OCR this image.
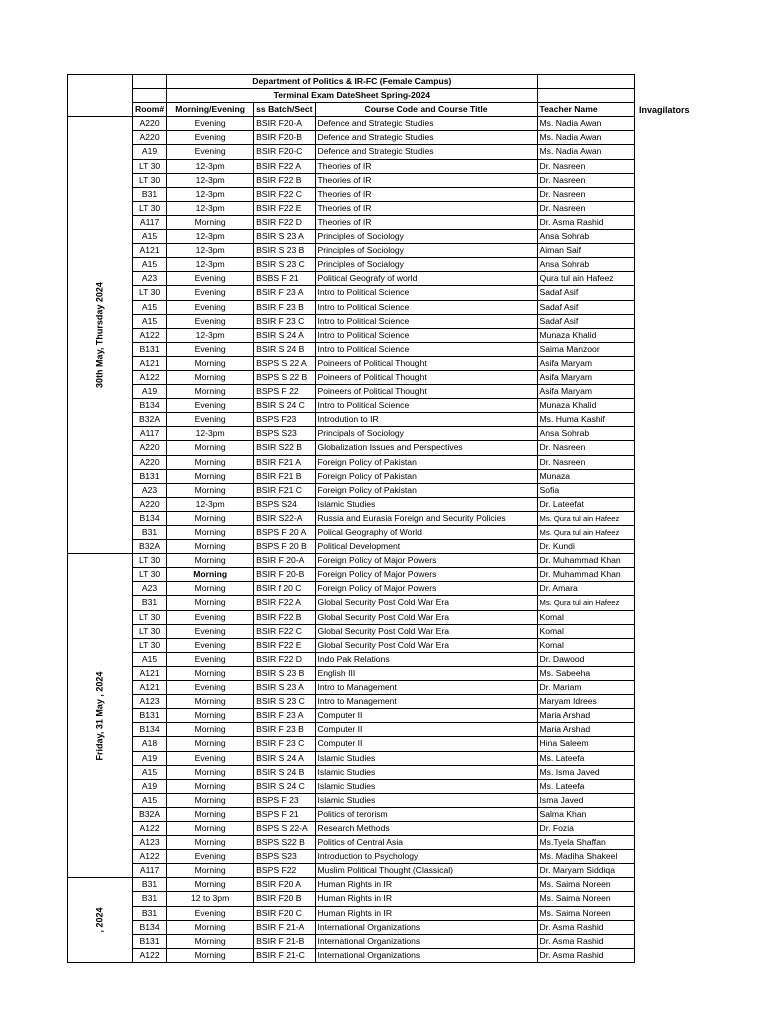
Invagilators
		Department of Politics & IR-FC (Female Campus)			
		Terminal Exam DateSheet Spring-2024			
	Room#	Morning/Evening	ss Batch/Sect	Course Code and Course Title	Teacher Name

30th May, Thursday 2024	A220	Evening	BSIR F20-A	Defence and Strategic Studies	Ms. Nadia Awan
	A220	Evening	BSIR F20-B	Defence and Strategic Studies	Ms. Nadia Awan
	A19	Evening	BSIR F20-C	Defence and Strategic Studies	Ms. Nadia Awan
	LT 30	12-3pm	BSIR F22 A	Theories of IR	Dr. Nasreen
	LT 30	12-3pm	BSIR F22 B	Theories of IR	Dr. Nasreen
	B31	12-3pm	BSIR F22 C	Theories of IR	Dr. Nasreen
	LT 30	12-3pm	BSIR F22 E	Theories of IR	Dr. Nasreen
	A117	Morning	BSIR F22 D	Theories of IR	Dr. Asma Rashid
	A15	12-3pm	BSIR S 23 A	Principles of Sociology	Ansa Sohrab
	A121	12-3pm	BSIR S 23 B	Principles of Sociology	Aiman Saif
	A15	12-3pm	BSIR S 23 C	Principles of Socialogy	Ansa Sohrab
	A23	Evening	BSBS F 21	Political Geografy of world	Qura tul ain Hafeez
	LT 30	Evening	BSIR F 23 A	Intro to Political Science	Sadaf Asif
	A15	Evening	BSIR F 23 B	Intro to Political Science	Sadaf Asif
	A15	Evening	BSIR F 23 C	Intro to Political Science	Sadaf Asif
	A122	12-3pm	BSIR S 24 A	Intro to Political Science	Munaza Khalid
	B131	Evening	BSIR S 24 B	Intro to Political Science	Saima Manzoor
	A121	Morning	BSPS S 22 A	Poineers of Political Thought	Asifa Maryam
	A122	Morning	BSPS S 22 B	Poineers of Political Thought	Asifa Maryam
	A19	Morning	BSPS F 22	Poineers of Political Thought	Asifa Maryam
	B134	Evening	BSIR S 24 C	Intro to Political Science	Munaza Khalid
	B32A	Evening	BSPS F23	Introdution to IR	Ms. Huma Kashif
	A117	12-3pm	BSPS S23	Principals of Sociology	Ansa Sohrab
	A220	Morning	BSIR S22 B	Globalization Issues and Perspectives	Dr. Nasreen
	A220	Morning	BSIR F21 A	Foreign Policy of Pakistan	Dr. Nasreen
	B131	Morning	BSIR F21 B	Foreign Policy of Pakistan	Munaza
	A23	Morning	BSIR F21 C	Foreign Policy of Pakistan	Sofia
	A220	12-3pm	BSPS S24	Islamic Studies	Dr. Lateefat
	B134	Morning	BSIR S22-A	Russia and Eurasia Foreign and Security Policies	Ms. Qura tul ain Hafeez
	B31	Morning	BSPS F 20 A	Polical Geography of World	Ms. Qura tul ain Hafeez
	B32A	Morning	BSPS F 20 B	Political Development	Dr. Kundi

Friday, 31 May , 2024	LT 30	Morning	BSIR F 20-A	Foreign Policy of Major Powers	Dr. Muhammad Khan
	LT 30	Morning	BSIR F 20-B	Foreign Policy of Major Powers	Dr. Muhammad Khan
	A23	Morning	BSIR f 20 C	Foreign Policy of Major Powers	Dr. Amara
	B31	Morning	BSIR F22 A	Global Security Post Cold War Era	Ms. Qura tul ain Hafeez
	LT 30	Evening	BSIR F22 B	Global Security Post Cold War Era	Komal
	LT 30	Evening	BSIR F22 C	Global Security Post Cold War Era	Komal
	LT 30	Evening	BSIR F22 E	Global Security Post Cold War Era	Komal
	A15	Evening	BSIR F22 D	Indo Pak Relations	Dr. Dawood
	A121	Morning	BSIR S 23 B	English III	Ms. Sabeeha
	A121	Evening	BSIR S 23 A	Intro to Management	Dr. Mariam
	A123	Morning	BSIR S 23 C	Intro to Management	Maryam Idrees
	B131	Morning	BSIR F 23 A	Computer II	Maria Arshad
	B134	Morning	BSIR F 23 B	Computer II	Maria Arshad
	A18	Morning	BSIR F 23 C	Computer II	Hina Saleem
	A19	Evening	BSIR S 24 A	Islamic Studies	Ms. Lateefa
	A15	Morning	BSIR S 24 B	Islamic Studies	Ms. Isma Javed
	A19	Morning	BSIR S 24 C	Islamic Studies	Ms. Lateefa
	A15	Morning	BSPS F 23	Islamic Studies	Isma Javed
	B32A	Morning	BSPS F 21	Politics of terorism	Salma Khan
	A122	Morning	BSPS S 22-A	Research Methods	Dr. Fozia
	A123	Morning	BSPS S22 B	Politics of Central Asia	Ms.Tyela Shaffan
	A122	Evening	BSPS S23	Introduction to Psychology	Ms. Madiha Shakeel
	A117	Morning	BSPS F22	Muslim Political Thought (Classical)	Dr. Maryam Siddiqa

, 2024	B31	Morning	BSIR F20 A	Human Rights in IR	Ms. Saima Noreen
	B31	12 to 3pm	BSIR F20 B	Human Rights in IR	Ms. Saima Noreen
	B31	Evening	BSIR F20 C	Human Rights in IR	Ms. Saima Noreen
	B134	Morning	BSIR F 21-A	International Organizations	Dr. Asma Rashid
	B131	Morning	BSIR F 21-B	International Organizations	Dr. Asma Rashid
	A122	Morning	BSIR F 21-C	International Organizations	Dr. Asma Rashid
